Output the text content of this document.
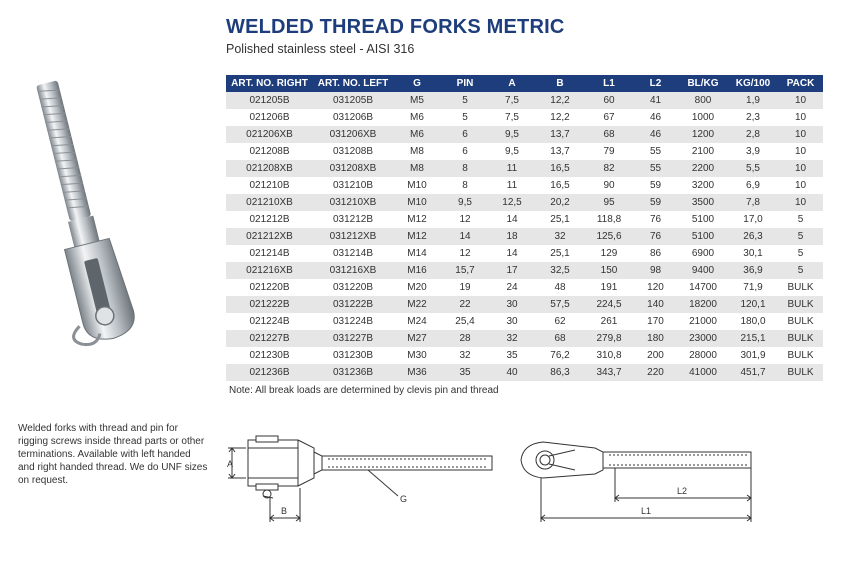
WELDED THREAD FORKS METRIC
Polished stainless steel - AISI 316
ART. NO. RIGHT	ART. NO. LEFT	G	PIN	A	B	L1	L2	BL/KG	KG/100	PACK
021205B	031205B	M5	5	7,5	12,2	60	41	800	1,9	10
021206B	031206B	M6	5	7,5	12,2	67	46	1000	2,3	10
021206XB	031206XB	M6	6	9,5	13,7	68	46	1200	2,8	10
021208B	031208B	M8	6	9,5	13,7	79	55	2100	3,9	10
021208XB	031208XB	M8	8	11	16,5	82	55	2200	5,5	10
021210B	031210B	M10	8	11	16,5	90	59	3200	6,9	10
021210XB	031210XB	M10	9,5	12,5	20,2	95	59	3500	7,8	10
021212B	031212B	M12	12	14	25,1	118,8	76	5100	17,0	5
021212XB	031212XB	M12	14	18	32	125,6	76	5100	26,3	5
021214B	031214B	M14	12	14	25,1	129	86	6900	30,1	5
021216XB	031216XB	M16	15,7	17	32,5	150	98	9400	36,9	5
021220B	031220B	M20	19	24	48	191	120	14700	71,9	BULK
021222B	031222B	M22	22	30	57,5	224,5	140	18200	120,1	BULK
021224B	031224B	M24	25,4	30	62	261	170	21000	180,0	BULK
021227B	031227B	M27	28	32	68	279,8	180	23000	215,1	BULK
021230B	031230B	M30	32	35	76,2	310,8	200	28000	301,9	BULK
021236B	031236B	M36	35	40	86,3	343,7	220	41000	451,7	BULK
Note: All break loads are determined by clevis pin and thread
Welded forks with thread and pin for rigging screws inside thread parts or other terminations. Available with left handed and right handed thread. We do UNF sizes on request.
A
B
G
L2
L1
